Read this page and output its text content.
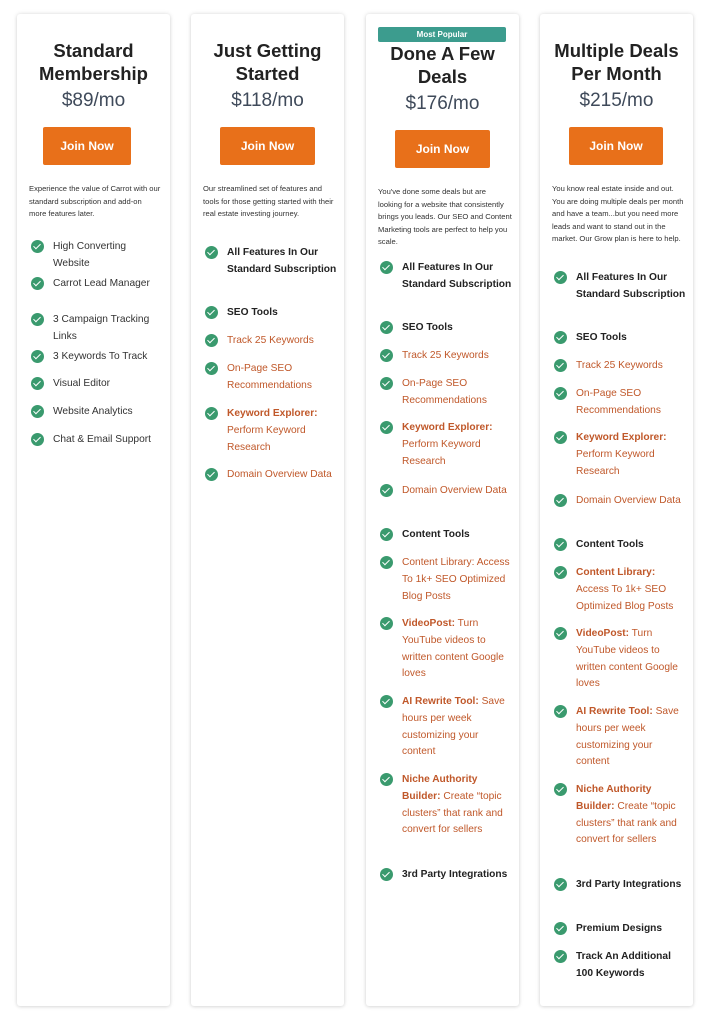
Standard Membership
$89/mo
Join Now
Experience the value of Carrot with our standard subscription and add-on more features later.
High Converting Website
Carrot Lead Manager
3 Campaign Tracking Links
3 Keywords To Track
Visual Editor
Website Analytics
Chat & Email Support
Just Getting Started
$118/mo
Join Now
Our streamlined set of features and tools for those getting started with their real estate investing journey.
All Features In Our Standard Subscription
SEO Tools
Track 25 Keywords
On-Page SEO Recommendations
Keyword Explorer: Perform Keyword Research
Domain Overview Data
Most Popular
Done A Few Deals
$176/mo
Join Now
You've done some deals but are looking for a website that consistently brings you leads. Our SEO and Content Marketing tools are perfect to help you scale.
All Features In Our Standard Subscription
SEO Tools
Track 25 Keywords
On-Page SEO Recommendations
Keyword Explorer: Perform Keyword Research
Domain Overview Data
Content Tools
Content Library: Access To 1k+ SEO Optimized Blog Posts
VideoPost: Turn YouTube videos to written content Google loves
AI Rewrite Tool: Save hours per week customizing your content
Niche Authority Builder: Create “topic clusters” that rank and convert for sellers
3rd Party Integrations
Multiple Deals Per Month
$215/mo
Join Now
You know real estate inside and out. You are doing multiple deals per month and have a team...but you need more leads and want to stand out in the market. Our Grow plan is here to help.
All Features In Our Standard Subscription
SEO Tools
Track 25 Keywords
On-Page SEO Recommendations
Keyword Explorer: Perform Keyword Research
Domain Overview Data
Content Tools
Content Library: Access To 1k+ SEO Optimized Blog Posts
VideoPost: Turn YouTube videos to written content Google loves
AI Rewrite Tool: Save hours per week customizing your content
Niche Authority Builder: Create “topic clusters” that rank and convert for sellers
3rd Party Integrations
Premium Designs
Track An Additional 100 Keywords
